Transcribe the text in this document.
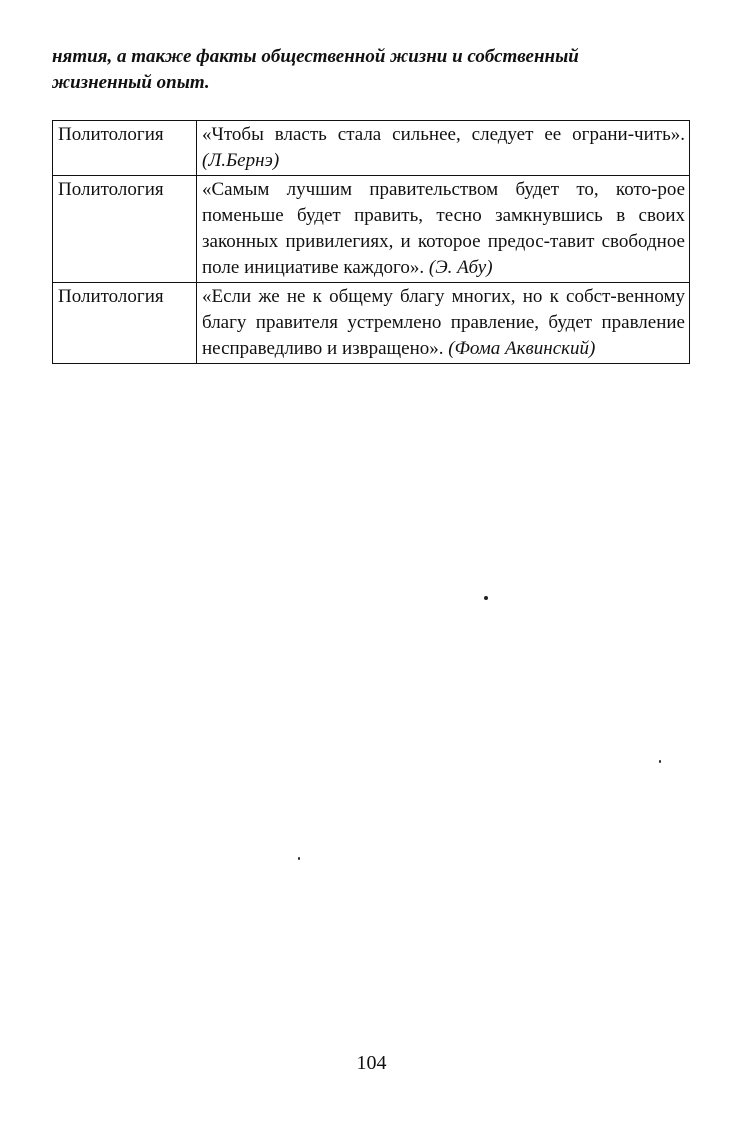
нятия, а также факты общественной жизни и собственный
жизненный опыт.

Политология	«Чтобы власть стала сильнее, следует ее ограни-чить». (Л.Бернэ)
Политология	«Самым лучшим правительством будет то, кото-рое поменьше будет править, тесно замкнувшись в своих законных привилегиях, и которое предос-тавит свободное поле инициативе каждого». (Э. Абу)
Политология	«Если же не к общему благу многих, но к собст-венному благу правителя устремлено правление, будет правление несправедливо и извращено». (Фома Аквинский)
104
